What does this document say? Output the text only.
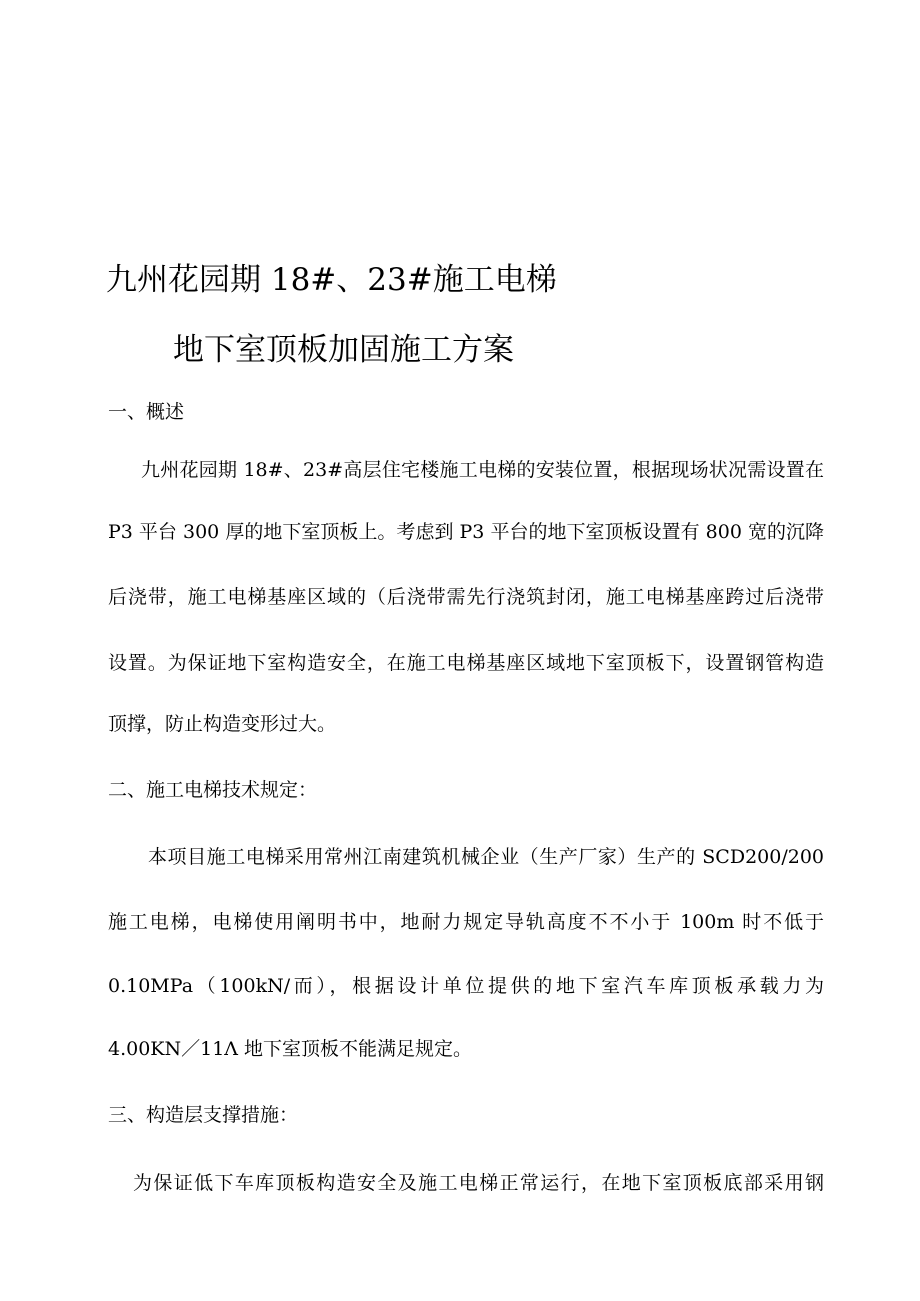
九州花园期 18#、23#施工电梯

地下室顶板加固施工方案

一、概述

九州花园期 18#、23#高层住宅楼施工电梯的安装位置，根据现场状况需设置在

P3 平台 300 厚的地下室顶板上。考虑到 P3 平台的地下室顶板设置有 800 宽的沉降

后浇带，施工电梯基座区域的（后浇带需先行浇筑封闭，施工电梯基座跨过后浇带

设置。为保证地下室构造安全，在施工电梯基座区域地下室顶板下，设置钢管构造

顶撑，防止构造变形过大。

二、施工电梯技术规定：

本项目施工电梯采用常州江南建筑机械企业（生产厂家）生产的 SCD200/200

施工电梯，电梯使用阐明书中，地耐力规定导轨高度不不小于 100m 时不低于

0.10MPa（100kN/而），根据设计单位提供的地下室汽车库顶板承载力为

4.00KN／11Λ 地下室顶板不能满足规定。

三、构造层支撑措施：

为保证低下车库顶板构造安全及施工电梯正常运行，在地下室顶板底部采用钢
